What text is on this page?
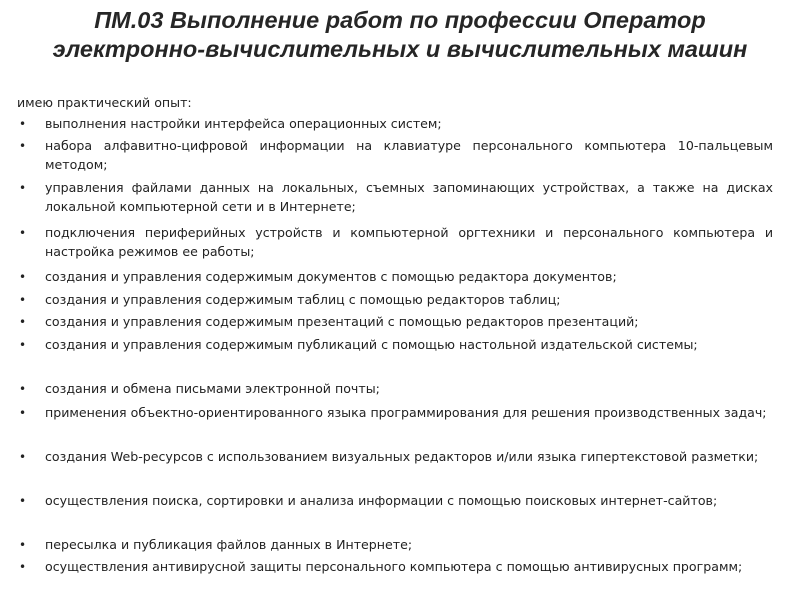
ПМ.03 Выполнение работ по профессии Оператор электронно-вычислительных и вычислительных машин

имею практический опыт:

• выполнения настройки интерфейса операционных систем;
• набора алфавитно-цифровой информации на клавиатуре персонального компьютера 10-пальцевым методом;
• управления файлами данных на локальных, съемных запоминающих устройствах, а также на дисках локальной компьютерной сети и в Интернете;
• подключения периферийных устройств и компьютерной оргтехники и персонального компьютера и настройка режимов ее работы;
• создания и управления содержимым документов с помощью редактора документов;
• создания и управления содержимым таблиц с помощью редакторов таблиц;
• создания и управления содержимым презентаций с помощью редакторов презентаций;
• создания и управления содержимым публикаций с помощью настольной издательской системы;
• создания и обмена письмами электронной почты;
• применения объектно-ориентированного языка программирования для решения производственных задач;
• создания Web-ресурсов с использованием визуальных редакторов и/или языка гипертекстовой разметки;
• осуществления поиска, сортировки и анализа информации с помощью поисковых интернет-сайтов;
• пересылка и публикация файлов данных в Интернете;
• осуществления антивирусной защиты персонального компьютера с помощью антивирусных программ;
